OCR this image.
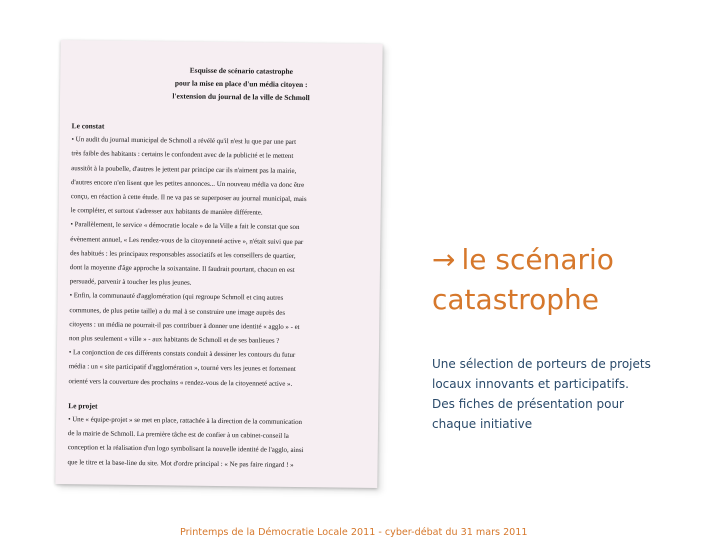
Esquisse de scénario catastrophe
pour la mise en place d'un média citoyen :
l'extension du journal de la ville de Schmoll
Le constat
• Un audit du journal municipal de Schmoll a révélé qu'il n'est lu que par une part
très faible des habitants : certains le confondent avec de la publicité et le mettent
aussitôt à la poubelle, d'autres le jettent par principe car ils n'aiment pas la mairie,
d'autres encore n'en lisent que les petites annonces... Un nouveau média va donc être
conçu, en réaction à cette étude. Il ne va pas se superposer au journal municipal, mais
le compléter, et surtout s'adresser aux habitants de manière différente.
• Parallèlement, le service « démocratie locale » de la Ville a fait le constat que son
évènement annuel, « Les rendez-vous de la citoyenneté active », n'était suivi que par
des habitués : les principaux responsables associatifs et les conseillers de quartier,
dont la moyenne d'âge approche la soixantaine. Il faudrait pourtant, chacun en est
persuadé, parvenir à toucher les plus jeunes.
• Enfin, la communauté d'agglomération (qui regroupe Schmoll et cinq autres
communes, de plus petite taille) a du mal à se construire une image auprès des
citoyens : un média ne pourrait-il pas contribuer à donner une identité « agglo » - et
non plus seulement « ville » - aux habitants de Schmoll et de ses banlieues ?
• La conjonction de ces différents constats conduit à dessiner les contours du futur
média : un « site participatif d'agglomération », tourné vers les jeunes et fortement
orienté vers la couverture des prochains « rendez-vous de la citoyenneté active ».
Le projet
• Une « équipe-projet » se met en place, rattachée à la direction de la communication
de la mairie de Schmoll. La première tâche est de confier à un cabinet-conseil la
conception et la réalisation d'un logo symbolisant la nouvelle identité de l'agglo, ainsi
que le titre et la base-line du site. Mot d'ordre principal : « Ne pas faire ringard ! »
→ le scénario
catastrophe
Une sélection de porteurs de projets
locaux innovants et participatifs.
Des fiches de présentation pour
chaque initiative
Printemps de la Démocratie Locale 2011 - cyber-débat du 31 mars 2011
